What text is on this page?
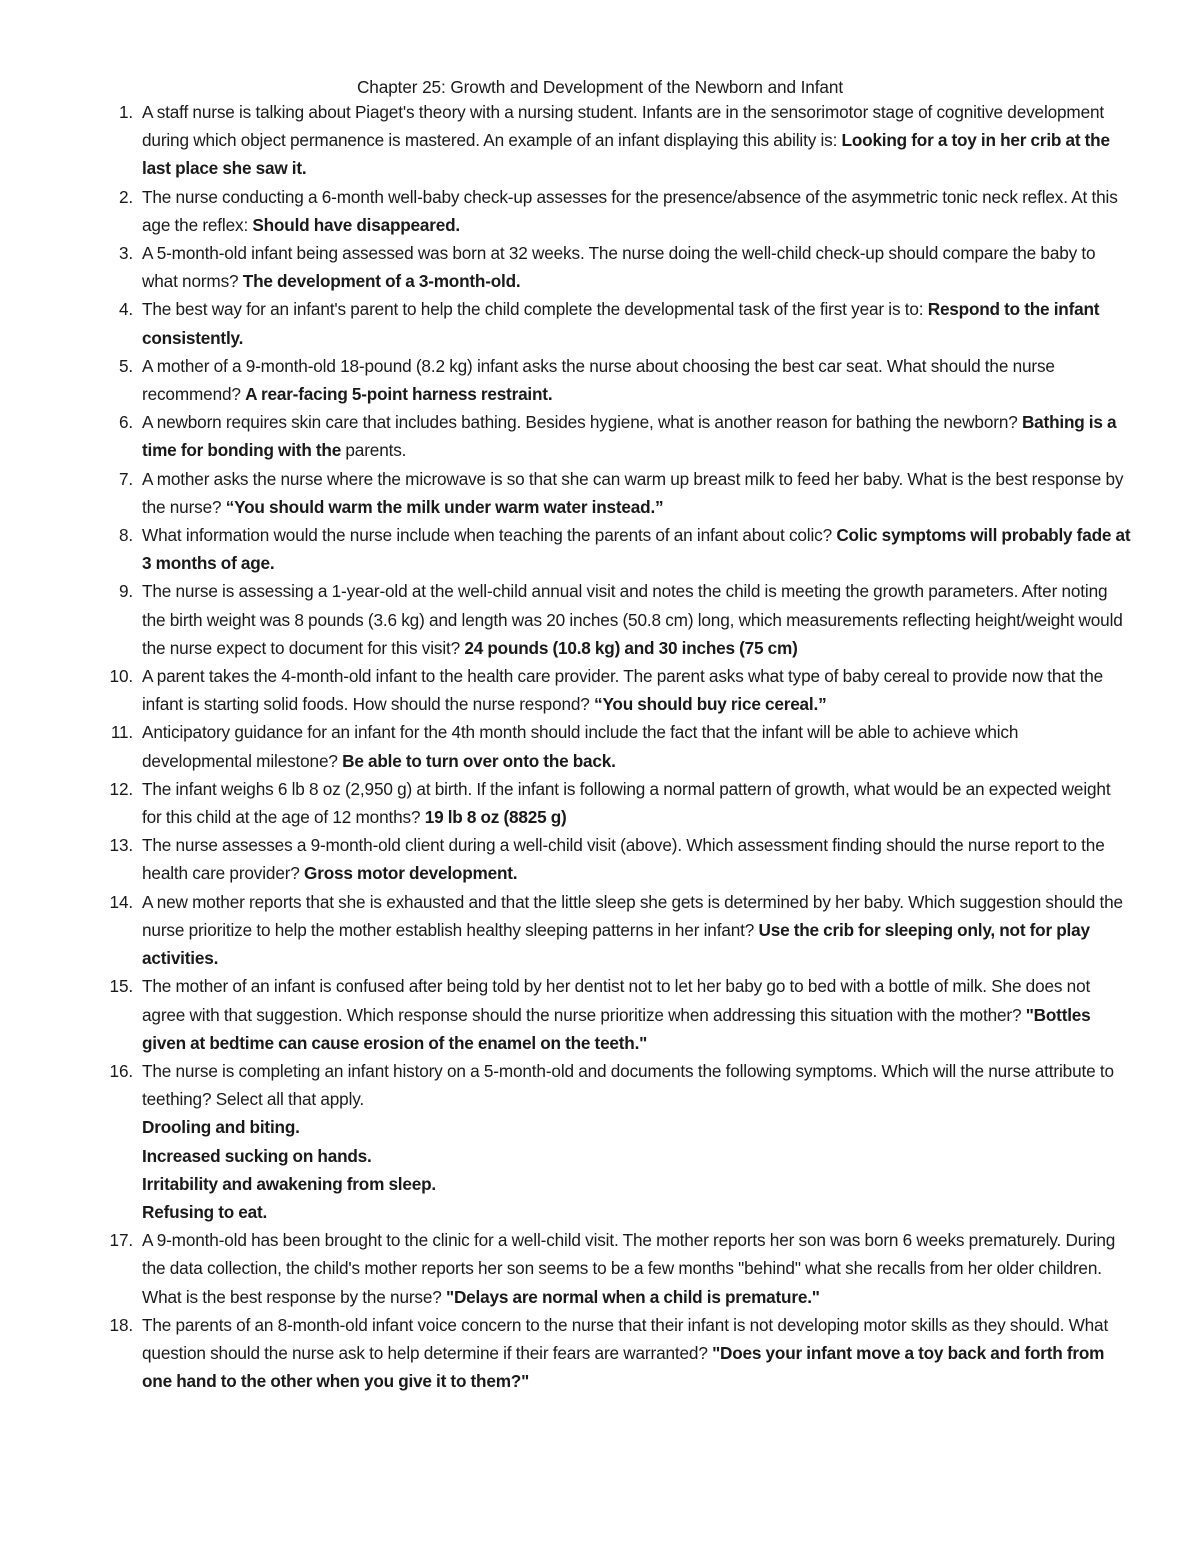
Chapter 25: Growth and Development of the Newborn and Infant
1. A staff nurse is talking about Piaget's theory with a nursing student. Infants are in the sensorimotor stage of cognitive development during which object permanence is mastered. An example of an infant displaying this ability is: Looking for a toy in her crib at the last place she saw it.
2. The nurse conducting a 6-month well-baby check-up assesses for the presence/absence of the asymmetric tonic neck reflex. At this age the reflex: Should have disappeared.
3. A 5-month-old infant being assessed was born at 32 weeks. The nurse doing the well-child check-up should compare the baby to what norms? The development of a 3-month-old.
4. The best way for an infant's parent to help the child complete the developmental task of the first year is to: Respond to the infant consistently.
5. A mother of a 9-month-old 18-pound (8.2 kg) infant asks the nurse about choosing the best car seat. What should the nurse recommend? A rear-facing 5-point harness restraint.
6. A newborn requires skin care that includes bathing. Besides hygiene, what is another reason for bathing the newborn? Bathing is a time for bonding with the parents.
7. A mother asks the nurse where the microwave is so that she can warm up breast milk to feed her baby. What is the best response by the nurse? “You should warm the milk under warm water instead.”
8. What information would the nurse include when teaching the parents of an infant about colic? Colic symptoms will probably fade at 3 months of age.
9. The nurse is assessing a 1-year-old at the well-child annual visit and notes the child is meeting the growth parameters. After noting the birth weight was 8 pounds (3.6 kg) and length was 20 inches (50.8 cm) long, which measurements reflecting height/weight would the nurse expect to document for this visit? 24 pounds (10.8 kg) and 30 inches (75 cm)
10. A parent takes the 4-month-old infant to the health care provider. The parent asks what type of baby cereal to provide now that the infant is starting solid foods. How should the nurse respond? “You should buy rice cereal.”
11. Anticipatory guidance for an infant for the 4th month should include the fact that the infant will be able to achieve which developmental milestone? Be able to turn over onto the back.
12. The infant weighs 6 lb 8 oz (2,950 g) at birth. If the infant is following a normal pattern of growth, what would be an expected weight for this child at the age of 12 months? 19 lb 8 oz (8825 g)
13. The nurse assesses a 9-month-old client during a well-child visit (above). Which assessment finding should the nurse report to the health care provider? Gross motor development.
14. A new mother reports that she is exhausted and that the little sleep she gets is determined by her baby. Which suggestion should the nurse prioritize to help the mother establish healthy sleeping patterns in her infant? Use the crib for sleeping only, not for play activities.
15. The mother of an infant is confused after being told by her dentist not to let her baby go to bed with a bottle of milk. She does not agree with that suggestion. Which response should the nurse prioritize when addressing this situation with the mother? "Bottles given at bedtime can cause erosion of the enamel on the teeth."
16. The nurse is completing an infant history on a 5-month-old and documents the following symptoms. Which will the nurse attribute to teething? Select all that apply.
Drooling and biting.
Increased sucking on hands.
Irritability and awakening from sleep.
Refusing to eat.
17. A 9-month-old has been brought to the clinic for a well-child visit. The mother reports her son was born 6 weeks prematurely. During the data collection, the child's mother reports her son seems to be a few months "behind" what she recalls from her older children. What is the best response by the nurse? "Delays are normal when a child is premature."
18. The parents of an 8-month-old infant voice concern to the nurse that their infant is not developing motor skills as they should. What question should the nurse ask to help determine if their fears are warranted? "Does your infant move a toy back and forth from one hand to the other when you give it to them?"
